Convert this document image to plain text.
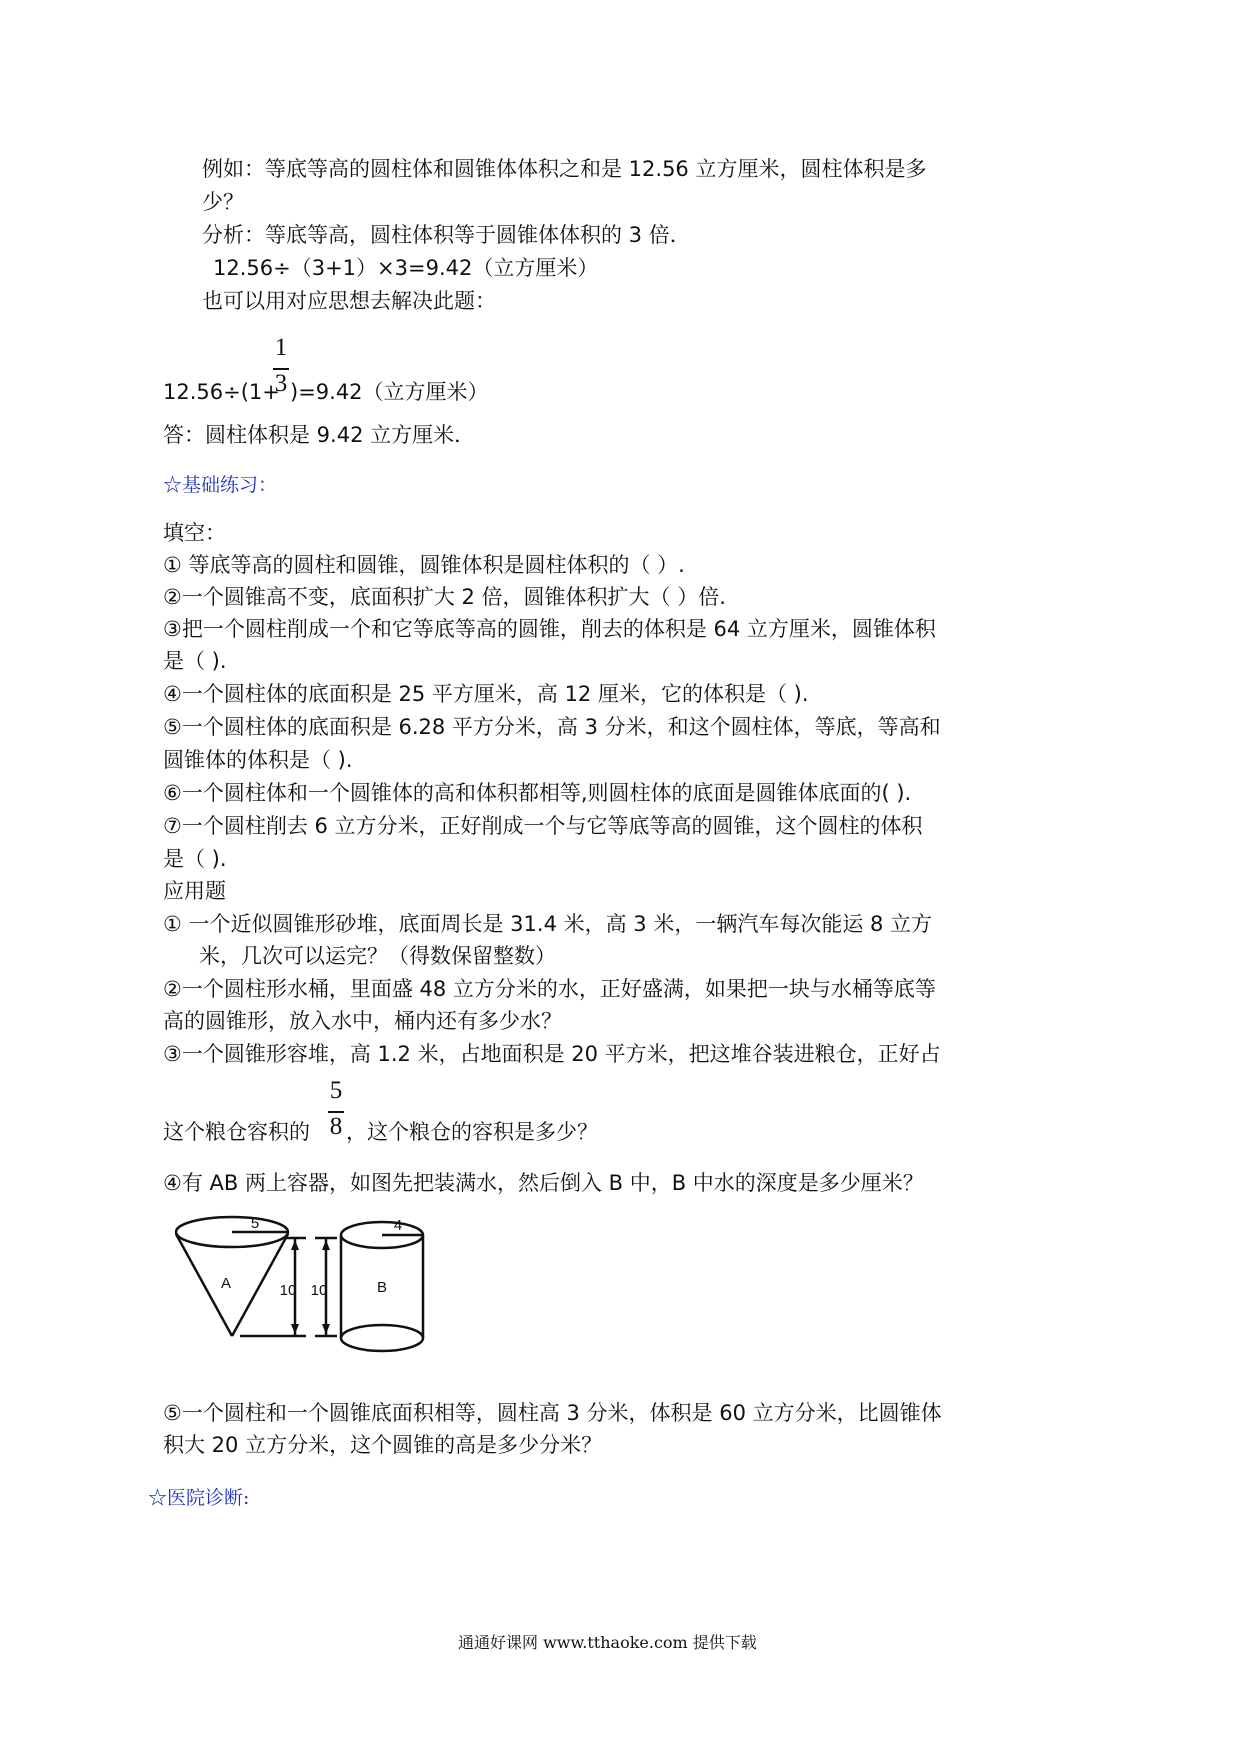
例如：等底等高的圆柱体和圆锥体体积之和是 12.56 立方厘米，圆柱体积是多
少？
分析：等底等高，圆柱体积等于圆锥体体积的 3 倍．
12.56÷（3+1）×3=9.42（立方厘米）
也可以用对应思想去解决此题：
1
3
12.56÷(1+ )=9.42（立方厘米）
答：圆柱体积是 9.42 立方厘米．
☆基础练习：
填空：
① 等底等高的圆柱和圆锥，圆锥体积是圆柱体积的（ ）.
②一个圆锥高不变，底面积扩大 2 倍，圆锥体积扩大（ ）倍.
③把一个圆柱削成一个和它等底等高的圆锥，削去的体积是 64 立方厘米，圆锥体积
是（ ).
④一个圆柱体的底面积是 25 平方厘米，高 12 厘米，它的体积是（ ).
⑤一个圆柱体的底面积是 6.28 平方分米，高 3 分米，和这个圆柱体，等底，等高和
圆锥体的体积是（ ).
⑥一个圆柱体和一个圆锥体的高和体积都相等,则圆柱体的底面是圆锥体底面的( ).
⑦一个圆柱削去 6 立方分米，正好削成一个与它等底等高的圆锥，这个圆柱的体积
是（ ).
应用题
① 一个近似圆锥形砂堆，底面周长是 31.4 米，高 3 米，一辆汽车每次能运 8 立方
米，几次可以运完？（得数保留整数）
②一个圆柱形水桶，里面盛 48 立方分米的水，正好盛满，如果把一块与水桶等底等
高的圆锥形，放入水中，桶内还有多少水？
③一个圆锥形容堆，高 1.2 米，占地面积是 20 平方米，把这堆谷装进粮仓，正好占
5
8
这个粮仓容积的 ，这个粮仓的容积是多少？
④有 AB 两上容器，如图先把装满水，然后倒入 B 中，B 中水的深度是多少厘米？
5
A	10 10
4
B
⑤一个圆柱和一个圆锥底面积相等，圆柱高 3 分米，体积是 60 立方分米，比圆锥体
积大 20 立方分米，这个圆锥的高是多少分米？
☆医院诊断:
通通好课网 www.tthaoke.com 提供下载
